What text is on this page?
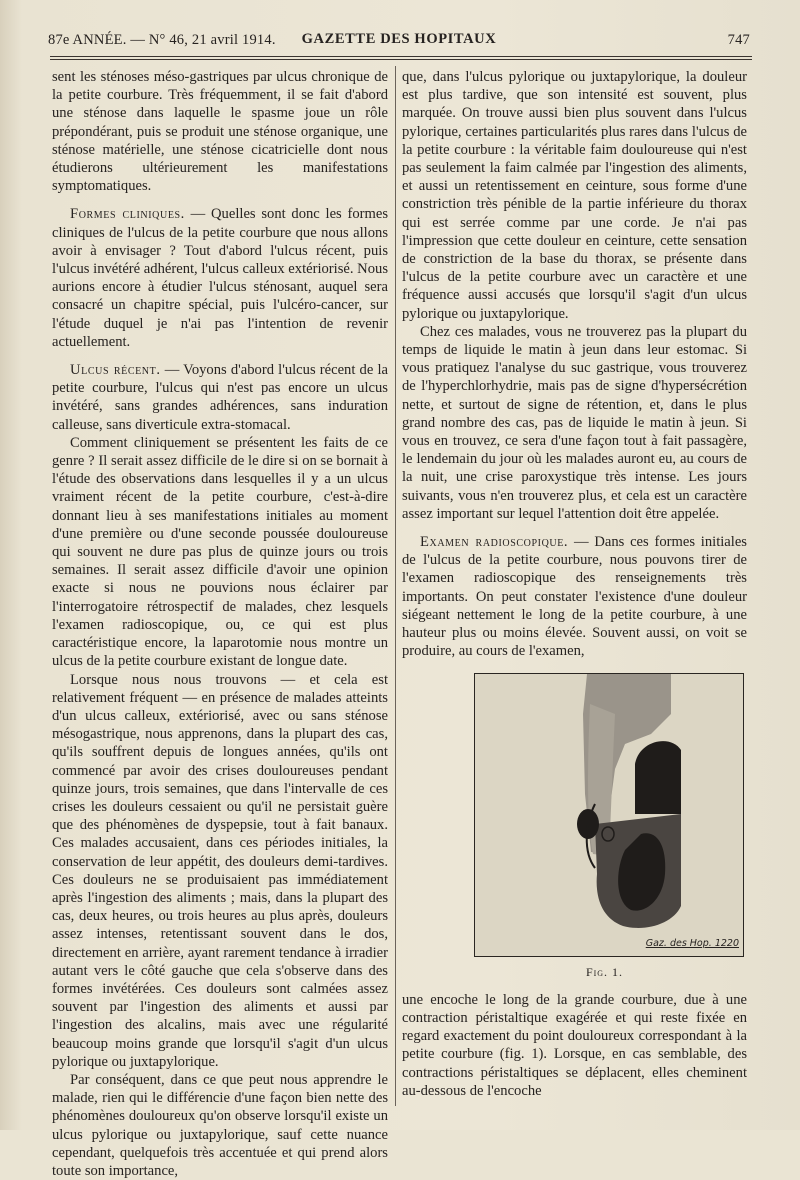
87e ANNÉE. — N° 46, 21 avril 1914.	GAZETTE DES HOPITAUX	747

sent les sténoses méso-gastriques par ulcus chronique de la petite courbure. Très fréquemment, il se fait d'abord une sténose dans laquelle le spasme joue un rôle prépondérant, puis se produit une sténose organique, une sténose matérielle, une sténose cicatricielle dont nous étudierons ultérieurement les manifestations symptomatiques.

Formes cliniques. — Quelles sont donc les formes cliniques de l'ulcus de la petite courbure que nous allons avoir à envisager ? Tout d'abord l'ulcus récent, puis l'ulcus invétéré adhérent, l'ulcus calleux extériorisé. Nous aurions encore à étudier l'ulcus sténosant, auquel sera consacré un chapitre spécial, puis l'ulcéro-cancer, sur l'étude duquel je n'ai pas l'intention de revenir actuellement.

Ulcus récent. — Voyons d'abord l'ulcus récent de la petite courbure, l'ulcus qui n'est pas encore un ulcus invétéré, sans grandes adhérences, sans induration calleuse, sans diverticule extra-stomacal.

Comment cliniquement se présentent les faits de ce genre ? Il serait assez difficile de le dire si on se bornait à l'étude des observations dans lesquelles il y a un ulcus vraiment récent de la petite courbure, c'est-à-dire donnant lieu à ses manifestations initiales au moment d'une première ou d'une seconde poussée douloureuse qui souvent ne dure pas plus de quinze jours ou trois semaines. Il serait assez difficile d'avoir une opinion exacte si nous ne pouvions nous éclairer par l'interrogatoire rétrospectif de malades, chez lesquels l'examen radioscopique, ou, ce qui est plus caractéristique encore, la laparotomie nous montre un ulcus de la petite courbure existant de longue date.

Lorsque nous nous trouvons — et cela est relativement fréquent — en présence de malades atteints d'un ulcus calleux, extériorisé, avec ou sans sténose mésogastrique, nous apprenons, dans la plupart des cas, qu'ils souffrent depuis de longues années, qu'ils ont commencé par avoir des crises douloureuses pendant quinze jours, trois semaines, que dans l'intervalle de ces crises les douleurs cessaient ou qu'il ne persistait guère que des phénomènes de dyspepsie, tout à fait banaux. Ces malades accusaient, dans ces périodes initiales, la conservation de leur appétit, des douleurs demi-tardives. Ces douleurs ne se produisaient pas immédiatement après l'ingestion des aliments ; mais, dans la plupart des cas, deux heures, ou trois heures au plus après, douleurs assez intenses, retentissant souvent dans le dos, directement en arrière, ayant rarement tendance à irradier autant vers le côté gauche que cela s'observe dans des formes invétérées. Ces douleurs sont calmées assez souvent par l'ingestion des aliments et aussi par l'ingestion des alcalins, mais avec une régularité beaucoup moins grande que lorsqu'il s'agit d'un ulcus pylorique ou juxtapylorique.

Par conséquent, dans ce que peut nous apprendre le malade, rien qui le différencie d'une façon bien nette des phénomènes douloureux qu'on observe lorsqu'il existe un ulcus pylorique ou juxtapylorique, sauf cette nuance cependant, quelquefois très accentuée et qui prend alors toute son importance,

que, dans l'ulcus pylorique ou juxtapylorique, la douleur est plus tardive, que son intensité est souvent, plus marquée. On trouve aussi bien plus souvent dans l'ulcus pylorique, certaines particularités plus rares dans l'ulcus de la petite courbure : la véritable faim douloureuse qui n'est pas seulement la faim calmée par l'ingestion des aliments, et aussi un retentissement en ceinture, sous forme d'une constriction très pénible de la partie inférieure du thorax qui est serrée comme par une corde. Je n'ai pas l'impression que cette douleur en ceinture, cette sensation de constriction de la base du thorax, se présente dans l'ulcus de la petite courbure avec un caractère et une fréquence aussi accusés que lorsqu'il s'agit d'un ulcus pylorique ou juxtapylorique.

Chez ces malades, vous ne trouverez pas la plupart du temps de liquide le matin à jeun dans leur estomac. Si vous pratiquez l'analyse du suc gastrique, vous trouverez de l'hyperchlorhydrie, mais pas de signe d'hypersécrétion nette, et surtout de signe de rétention, et, dans le plus grand nombre des cas, pas de liquide le matin à jeun. Si vous en trouvez, ce sera d'une façon tout à fait passagère, le lendemain du jour où les malades auront eu, au cours de la nuit, une crise paroxystique très intense. Les jours suivants, vous n'en trouverez plus, et cela est un caractère assez important sur lequel l'attention doit être appelée.

Examen radioscopique. — Dans ces formes initiales de l'ulcus de la petite courbure, nous pouvons tirer de l'examen radioscopique des renseignements très importants. On peut constater l'existence d'une douleur siégeant nettement le long de la petite courbure, à une hauteur plus ou moins élevée. Souvent aussi, on voit se produire, au cours de l'examen,

Gaz. des Hop. 1220
Fig. 1.

une encoche le long de la grande courbure, due à une contraction péristaltique exagérée et qui reste fixée en regard exactement du point douloureux correspondant à la petite courbure (fig. 1). Lorsque, en cas semblable, des contractions péristaltiques se déplacent, elles cheminent au-dessous de l'encoche
